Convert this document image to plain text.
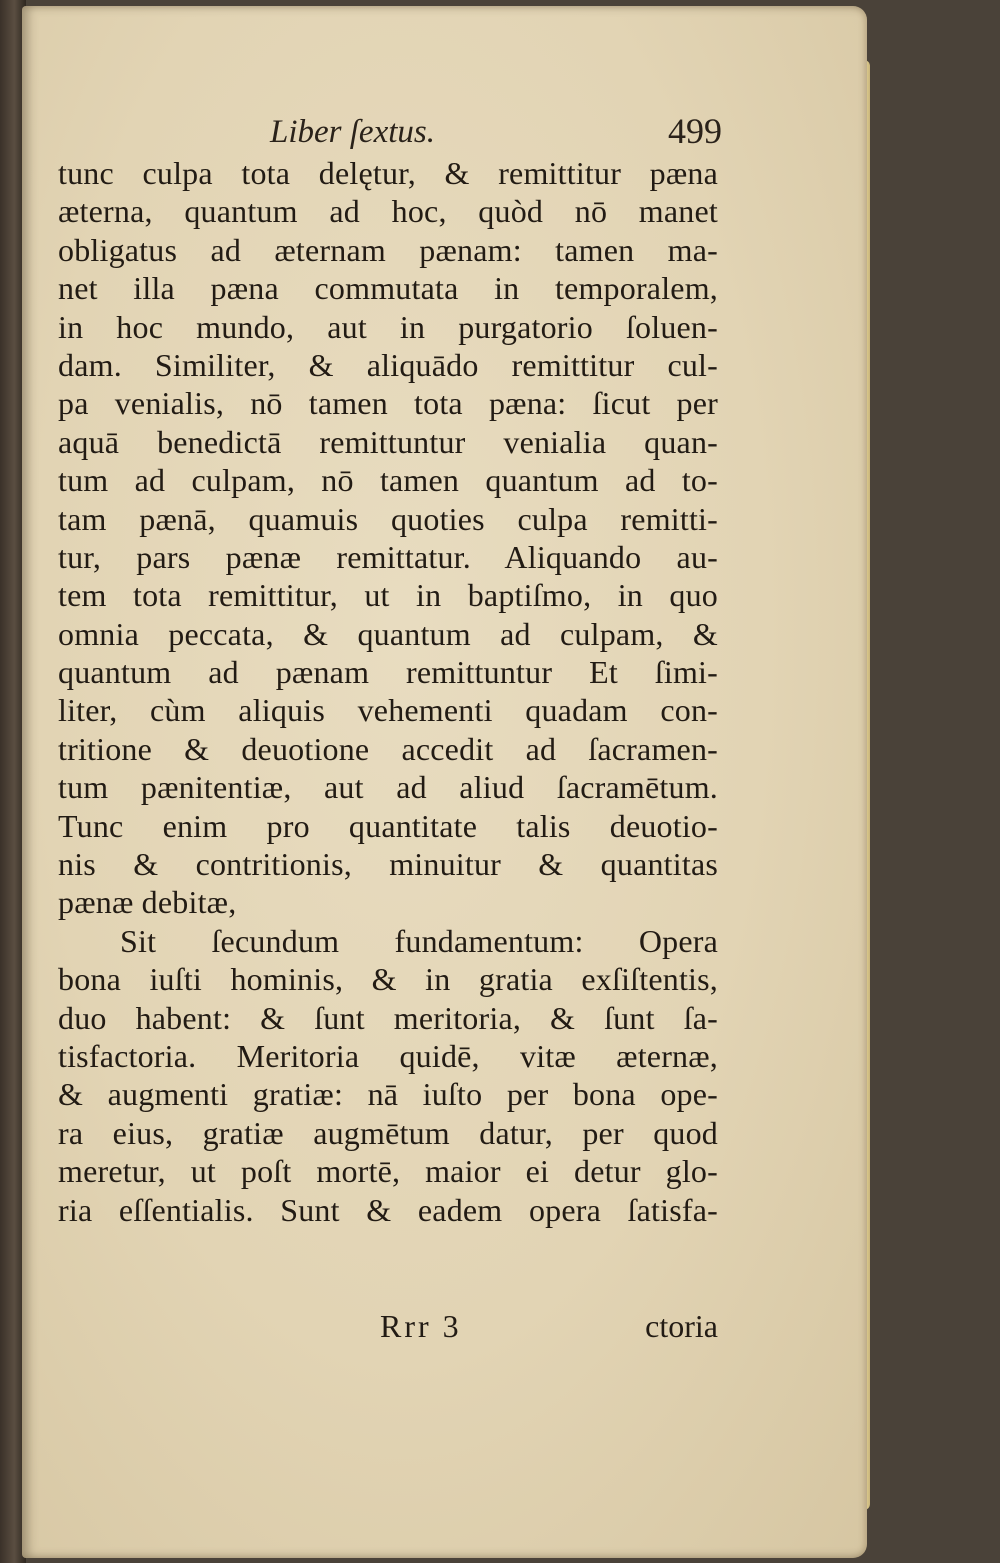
Liber ſextus.	499
tunc culpa tota delętur, & remittitur pæna
æterna, quantum ad hoc, quòd nō manet
obligatus ad æternam pænam: tamen ma-
net illa pæna commutata in temporalem,
in hoc mundo, aut in purgatorio ſoluen-
dam. Similiter, & aliquādo remittitur cul-
pa venialis, nō tamen tota pæna: ſicut per
aquā benedictā remittuntur venialia quan-
tum ad culpam, nō tamen quantum ad to-
tam pænā, quamuis quoties culpa remitti-
tur, pars pænæ remittatur. Aliquando au-
tem tota remittitur, ut in baptiſmo, in quo
omnia peccata, & quantum ad culpam, &
quantum ad pænam remittuntur Et ſimi-
liter, cùm aliquis vehementi quadam con-
tritione & deuotione accedit ad ſacramen-
tum pænitentiæ, aut ad aliud ſacramētum.
Tunc enim pro quantitate talis deuotio-
nis & contritionis, minuitur & quantitas
pænæ debitæ,
Sit ſecundum fundamentum: Opera
bona iuſti hominis, & in gratia exſiſtentis,
duo habent: & ſunt meritoria, & ſunt ſa-
tisfactoria. Meritoria quidē, vitæ æternæ,
& augmenti gratiæ: nā iuſto per bona ope-
ra eius, gratiæ augmētum datur, per quod
meretur, ut poſt mortē, maior ei detur glo-
ria eſſentialis. Sunt & eadem opera ſatisfa-
Rrr 3	ctoria
